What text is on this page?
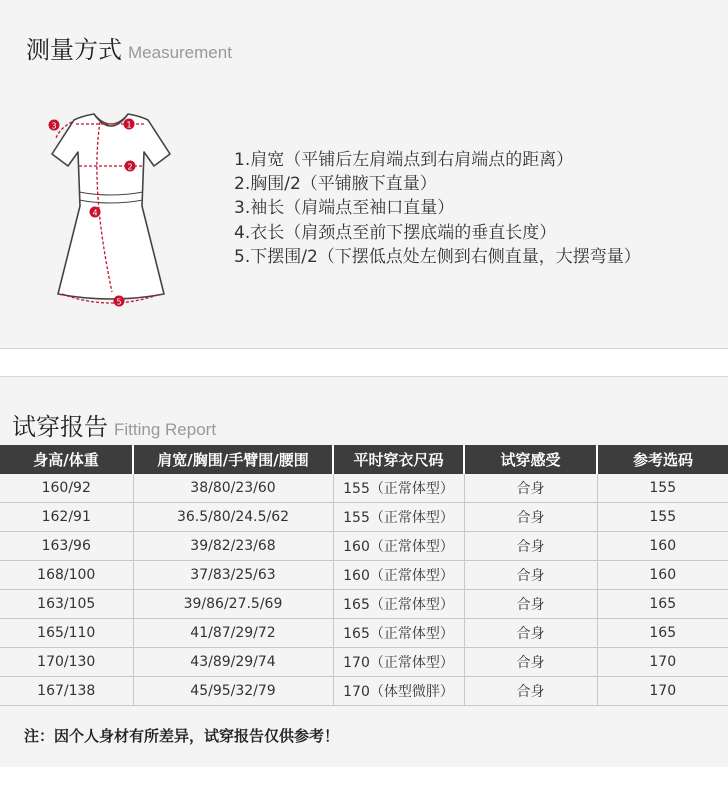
测量方式 Measurement
1
2
3
4
5
1.肩宽（平铺后左肩端点到右肩端点的距离）
2.胸围/2（平铺腋下直量）
3.袖长（肩端点至袖口直量）
4.衣长（肩颈点至前下摆底端的垂直长度）
5.下摆围/2（下摆低点处左侧到右侧直量，大摆弯量）
试穿报告 Fitting Report
身高/体重	肩宽/胸围/手臂围/腰围	平时穿衣尺码	试穿感受	参考选码
160/92	38/80/23/60	155（正常体型）	合身	155
162/91	36.5/80/24.5/62	155（正常体型）	合身	155
163/96	39/82/23/68	160（正常体型）	合身	160
168/100	37/83/25/63	160（正常体型）	合身	160
163/105	39/86/27.5/69	165（正常体型）	合身	165
165/110	41/87/29/72	165（正常体型）	合身	165
170/130	43/89/29/74	170（正常体型）	合身	170
167/138	45/95/32/79	170（体型微胖）	合身	170
注：因个人身材有所差异，试穿报告仅供参考！
